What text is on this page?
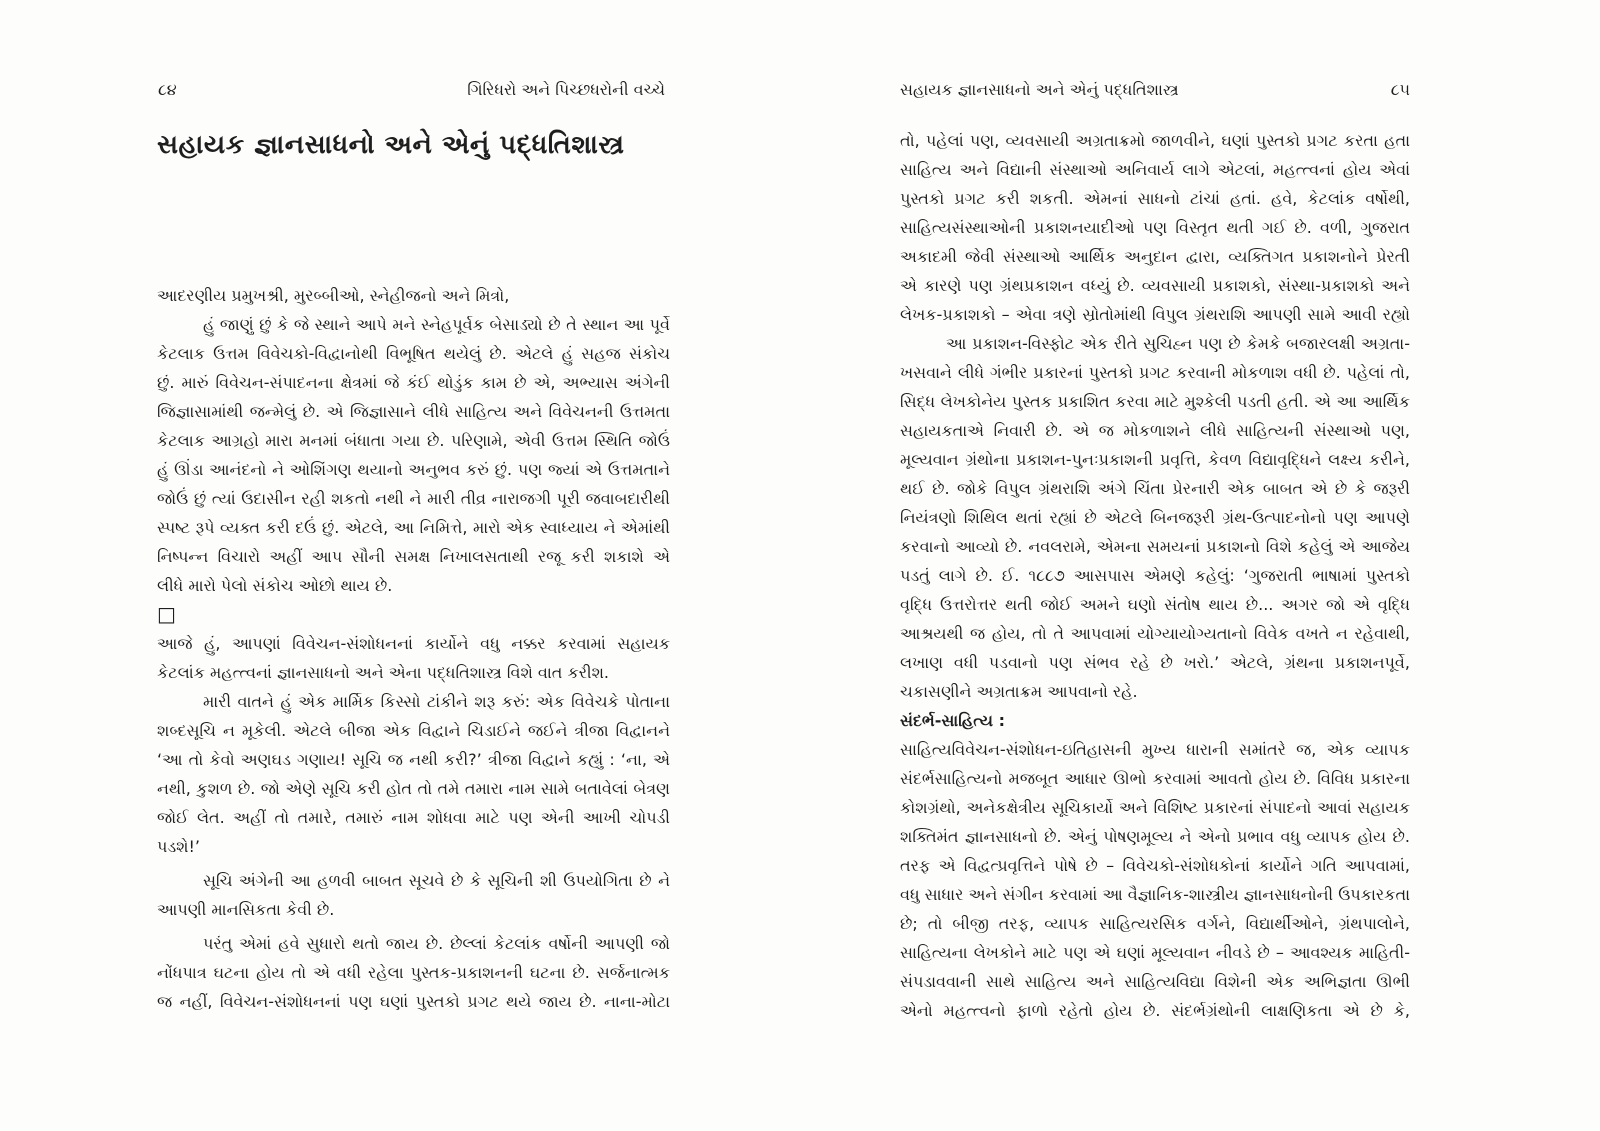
૮૪	ગિરિધરો અને પિચ્છધરોની વચ્ચે
સહાયક જ્ઞાનસાધનો અને એનું પદ્ધતિશાસ્ત્ર
આદરણીય પ્રમુખશ્રી, મુરબ્બીઓ, સ્નેહીજનો અને મિત્રો,
હું જાણું છું કે જે સ્થાને આપે મને સ્નેહપૂર્વક બેસાડ્યો છે તે સ્થાન આ પૂર્વે
કેટલાક ઉત્તમ વિવેચકો-વિદ્વાનોથી વિભૂષિત થયેલું છે. એટલે હું સહજ સંકોચ
છું. મારું વિવેચન-સંપાદનના ક્ષેત્રમાં જે કંઈ થોડુંક કામ છે એ, અભ્યાસ અંગેની
જિજ્ઞાસામાંથી જન્મેલું છે. એ જિજ્ઞાસાને લીધે સાહિત્ય અને વિવેચનની ઉત્તમતા
કેટલાક આગ્રહો મારા મનમાં બંધાતા ગયા છે. પરિણામે, એવી ઉત્તમ સ્થિતિ જોઉં
હું ઊંડા આનંદનો ને ઓશિંગણ થયાનો અનુભવ કરું છું. પણ જ્યાં એ ઉત્તમતાને
જોઉં છું ત્યાં ઉદાસીન રહી શકતો નથી ને મારી તીવ્ર નારાજગી પૂરી જવાબદારીથી
સ્પષ્ટ રૂપે વ્યક્ત કરી દઉં છું. એટલે, આ નિમિત્તે, મારો એક સ્વાધ્યાય ને એમાંથી
નિષ્પન્ન વિચારો અહીં આપ સૌની સમક્ષ નિખાલસતાથી રજૂ કરી શકાશે એ
લીધે મારો પેલો સંકોચ ઓછો થાય છે.
□
આજે હું, આપણાં વિવેચન-સંશોધનનાં કાર્યોને વધુ નક્કર કરવામાં સહાયક
કેટલાંક મહત્ત્વનાં જ્ઞાનસાધનો અને એના પદ્ધતિશાસ્ત્ર વિશે વાત કરીશ.
મારી વાતને હું એક માર્મિક કિસ્સો ટાંકીને શરૂ કરું: એક વિવેચકે પોતાના
શબ્દસૂચિ ન મૂકેલી. એટલે બીજા એક વિદ્વાને ચિડાઈને જઈને ત્રીજા વિદ્વાનને
‘આ તો કેવો અણઘડ ગણાય! સૂચિ જ નથી કરી?’ ત્રીજા વિદ્વાને કહ્યું : ‘ના, એ
નથી, કુશળ છે. જો એણે સૂચિ કરી હોત તો તમે તમારા નામ સામે બતાવેલાં બેત્રણ
જોઈ લેત. અહીં તો તમારે, તમારું નામ શોધવા માટે પણ એની આખી ચોપડી
પડશે!’
સૂચિ અંગેની આ હળવી બાબત સૂચવે છે કે સૂચિની શી ઉપયોગિતા છે ને
આપણી માનસિકતા કેવી છે.
પરંતુ એમાં હવે સુધારો થતો જાય છે. છેલ્લાં કેટલાંક વર્ષોની આપણી જો
નોંધપાત્ર ઘટના હોય તો એ વધી રહેલા પુસ્તક-પ્રકાશનની ઘટના છે. સર્જનાત્મક
જ નહીં, વિવેચન-સંશોધનનાં પણ ઘણાં પુસ્તકો પ્રગટ થયે જાય છે. નાના-મોટા
સહાયક જ્ઞાનસાધનો અને એનું પદ્ધતિશાસ્ત્ર	૮૫
તો, પહેલાં પણ, વ્યવસાયી અગ્રતાક્રમો જાળવીને, ઘણાં પુસ્તકો પ્રગટ કરતા હતા
સાહિત્ય અને વિદ્યાની સંસ્થાઓ અનિવાર્ય લાગે એટલાં, મહત્ત્વનાં હોય એવાં
પુસ્તકો પ્રગટ કરી શકતી. એમનાં સાધનો ટાંચાં હતાં. હવે, કેટલાંક વર્ષોથી,
સાહિત્યસંસ્થાઓની પ્રકાશનયાદીઓ પણ વિસ્તૃત થતી ગઈ છે. વળી, ગુજરાત
અકાદમી જેવી સંસ્થાઓ આર્થિક અનુદાન દ્વારા, વ્યક્તિગત પ્રકાશનોને પ્રેરતી
એ કારણે પણ ગ્રંથપ્રકાશન વધ્યું છે. વ્યવસાયી પ્રકાશકો, સંસ્થા-પ્રકાશકો અને
લેખક-પ્રકાશકો – એવા ત્રણે સ્રોતોમાંથી વિપુલ ગ્રંથરાશિ આપણી સામે આવી રહ્યો
આ પ્રકાશન-વિસ્ફોટ એક રીતે સુચિહ્ન પણ છે કેમકે બજારલક્ષી અગ્રતા-
ખસવાને લીધે ગંભીર પ્રકારનાં પુસ્તકો પ્રગટ કરવાની મોકળાશ વધી છે. પહેલાં તો,
સિદ્ધ લેખકોનેય પુસ્તક પ્રકાશિત કરવા માટે મુશ્કેલી પડતી હતી. એ આ આર્થિક
સહાયકતાએ નિવારી છે. એ જ મોકળાશને લીધે સાહિત્યની સંસ્થાઓ પણ,
મૂલ્યવાન ગ્રંથોના પ્રકાશન-પુનઃપ્રકાશની પ્રવૃત્તિ, કેવળ વિદ્યાવૃદ્ધિને લક્ષ્ય કરીને,
થઈ છે. જોકે વિપુલ ગ્રંથરાશિ અંગે ચિંતા પ્રેરનારી એક બાબત એ છે કે જરૂરી
નિયંત્રણો શિથિલ થતાં રહ્યાં છે એટલે બિનજરૂરી ગ્રંથ-ઉત્પાદનોનો પણ આપણે
કરવાનો આવ્યો છે. નવલરામે, એમના સમયનાં પ્રકાશનો વિશે કહેલું એ આજેય
પડતું લાગે છે. ઈ. ૧૮૮૭ આસપાસ એમણે કહેલું: ‘ગુજરાતી ભાષામાં પુસ્તકો
વૃદ્ધિ ઉત્તરોત્તર થતી જોઈ અમને ઘણો સંતોષ થાય છે... અગર જો એ વૃદ્ધિ
આશ્રયથી જ હોય, તો તે આપવામાં યોગ્યાયોગ્યતાનો વિવેક વખતે ન રહેવાથી,
લખાણ વધી પડવાનો પણ સંભવ રહે છે ખરો.’ એટલે, ગ્રંથના પ્રકાશનપૂર્વે,
ચકાસણીને અગ્રતાક્રમ આપવાનો રહે.
સંદર્ભ-સાહિત્ય :
સાહિત્યવિવેચન-સંશોધન-ઇતિહાસની મુખ્ય ધારાની સમાંતરે જ, એક વ્યાપક
સંદર્ભસાહિત્યનો મજબૂત આધાર ઊભો કરવામાં આવતો હોય છે. વિવિધ પ્રકારના
કોશગ્રંથો, અનેકક્ષેત્રીય સૂચિકાર્યો અને વિશિષ્ટ પ્રકારનાં સંપાદનો આવાં સહાયક
શક્તિમંત જ્ઞાનસાધનો છે. એનું પોષણમૂલ્ય ને એનો પ્રભાવ વધુ વ્યાપક હોય છે.
તરફ એ વિદ્વત્પ્રવૃત્તિને પોષે છે – વિવેચકો-સંશોધકોનાં કાર્યોને ગતિ આપવામાં,
વધુ સાધાર અને સંગીન કરવામાં આ વૈજ્ઞાનિક-શાસ્ત્રીય જ્ઞાનસાધનોની ઉપકારકતા
છે; તો બીજી તરફ, વ્યાપક સાહિત્યરસિક વર્ગને, વિદ્યાર્થીઓને, ગ્રંથપાલોને,
સાહિત્યના લેખકોને માટે પણ એ ઘણાં મૂલ્યવાન નીવડે છે – આવશ્યક માહિતી-
સંપડાવવાની સાથે સાહિત્ય અને સાહિત્યવિદ્યા વિશેની એક અભિજ્ઞતા ઊભી
એનો મહત્ત્વનો ફાળો રહેતો હોય છે. સંદર્ભગ્રંથોની લાક્ષણિકતા એ છે કે,
